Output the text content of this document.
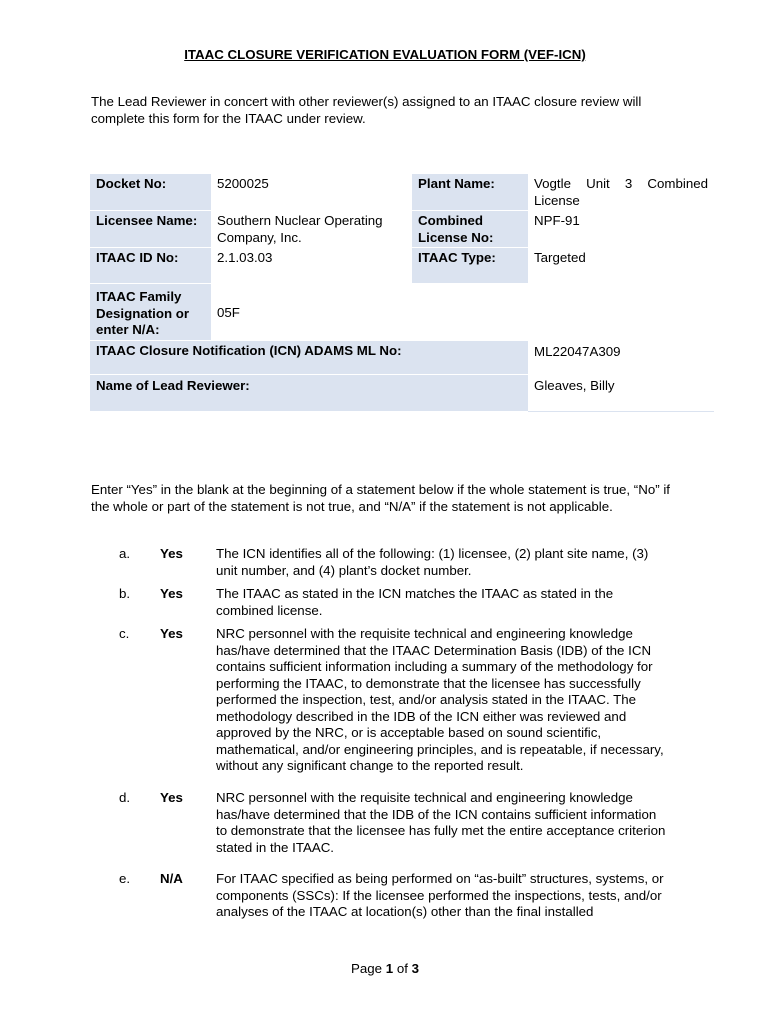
ITAAC CLOSURE VERIFICATION EVALUATION FORM (VEF-ICN)
The Lead Reviewer in concert with other reviewer(s) assigned to an ITAAC closure review will complete this form for the ITAAC under review.
Docket No:	5200025	Plant Name:	Vogtle Unit 3 Combined
License

Licensee Name:	Southern Nuclear Operating Company, Inc.	Combined License No:	NPF-91
ITAAC ID No:	2.1.03.03	ITAAC Type:	Targeted
ITAAC Family Designation or enter N/A:	05F		
ITAAC Closure Notification (ICN) ADAMS ML No:			ML22047A309
Name of Lead Reviewer:			Gleaves, Billy
Enter “Yes” in the blank at the beginning of a statement below if the whole statement is true, “No” if the whole or part of the statement is not true, and “N/A” if the statement is not applicable.
a. Yes The ICN identifies all of the following: (1) licensee, (2) plant site name, (3) unit number, and (4) plant’s docket number.
b. Yes The ITAAC as stated in the ICN matches the ITAAC as stated in the combined license.
c. Yes NRC personnel with the requisite technical and engineering knowledge has/have determined that the ITAAC Determination Basis (IDB) of the ICN contains sufficient information including a summary of the methodology for performing the ITAAC, to demonstrate that the licensee has successfully performed the inspection, test, and/or analysis stated in the ITAAC. The methodology described in the IDB of the ICN either was reviewed and approved by the NRC, or is acceptable based on sound scientific, mathematical, and/or engineering principles, and is repeatable, if necessary, without any significant change to the reported result.
d. Yes NRC personnel with the requisite technical and engineering knowledge has/have determined that the IDB of the ICN contains sufficient information to demonstrate that the licensee has fully met the entire acceptance criterion stated in the ITAAC.
e. N/A For ITAAC specified as being performed on “as-built” structures, systems, or components (SSCs): If the licensee performed the inspections, tests, and/or analyses of the ITAAC at location(s) other than the final installed
Page 1 of 3
